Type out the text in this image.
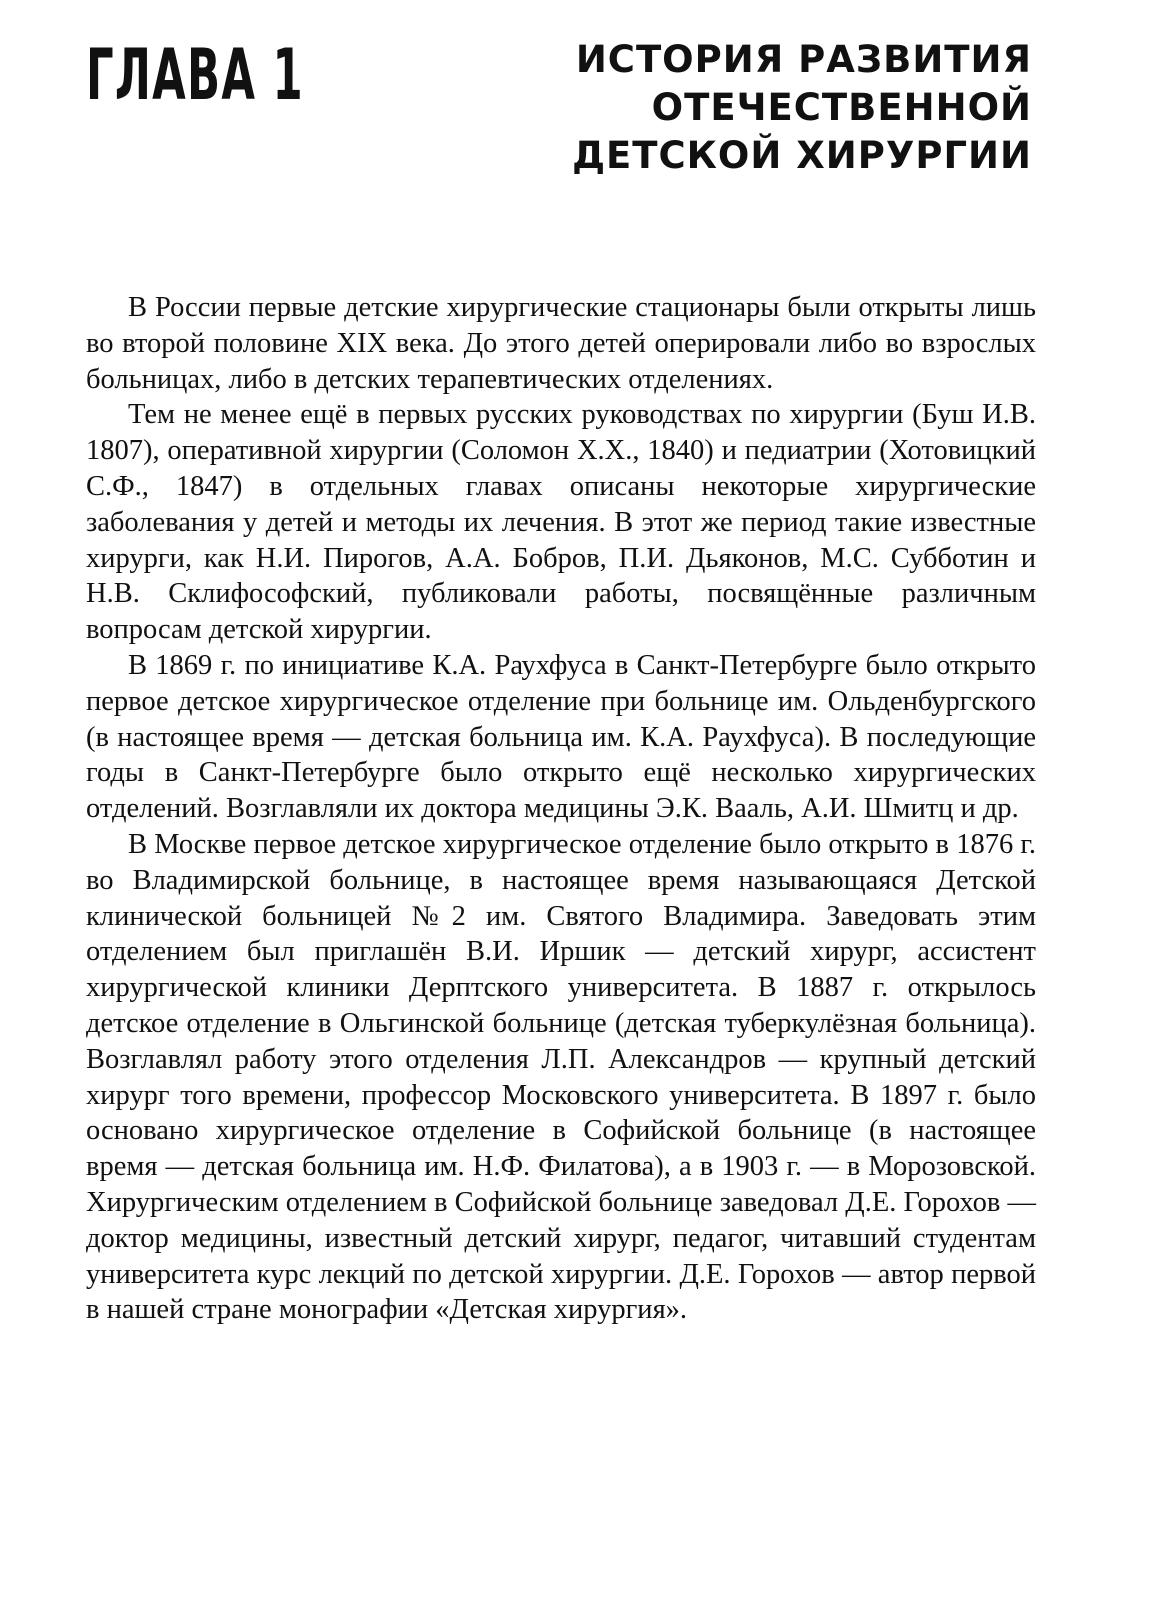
ГЛАВА 1	ИСТОРИЯ РАЗВИТИЯ
ОТЕЧЕСТВЕННОЙ
ДЕТСКОЙ ХИРУРГИИ

В России первые детские хирургические стационары были открыты лишь во второй половине XIX века. До этого детей оперировали либо во взрослых больницах, либо в детских терапевтических отделениях.

Тем не менее ещё в первых русских руководствах по хирургии (Буш И.В. 1807), оперативной хирургии (Соломон Х.Х., 1840) и педиатрии (Хотовицкий С.Ф., 1847) в отдельных главах описаны некоторые хирургические заболевания у детей и методы их лечения. В этот же период такие известные хирурги, как Н.И. Пирогов, А.А. Бобров, П.И. Дьяконов, М.С. Субботин и Н.В. Склифософский, публиковали работы, посвящённые различным вопросам детской хирургии.

В 1869 г. по инициативе К.А. Раухфуса в Санкт-Петербурге было открыто первое детское хирургическое отделение при больнице им. Ольденбургского (в настоящее время — детская больница им. К.А. Раухфуса). В последующие годы в Санкт-Петербурге было открыто ещё несколько хирургических отделений. Возглавляли их доктора медицины Э.К. Вааль, А.И. Шмитц и др.

В Москве первое детское хирургическое отделение было открыто в 1876 г. во Владимирской больнице, в настоящее время называющаяся Детской клинической больницей №2 им. Святого Владимира. Заведовать этим отделением был приглашён В.И. Иршик — детский хирург, ассистент хирургической клиники Дерптского университета. В 1887 г. открылось детское отделение в Ольгинской больнице (детская туберкулёзная больница). Возглавлял работу этого отделения Л.П. Александров — крупный детский хирург того времени, профессор Московского университета. В 1897 г. было основано хирургическое отделение в Софийской больнице (в настоящее время — детская больница им. Н.Ф. Филатова), а в 1903 г. — в Морозовской. Хирургическим отделением в Софийской больнице заведовал Д.Е. Горохов — доктор медицины, известный детский хирург, педагог, читавший студентам университета курс лекций по детской хирургии. Д.Е. Горохов — автор первой в нашей стране монографии «Детская хирургия».
